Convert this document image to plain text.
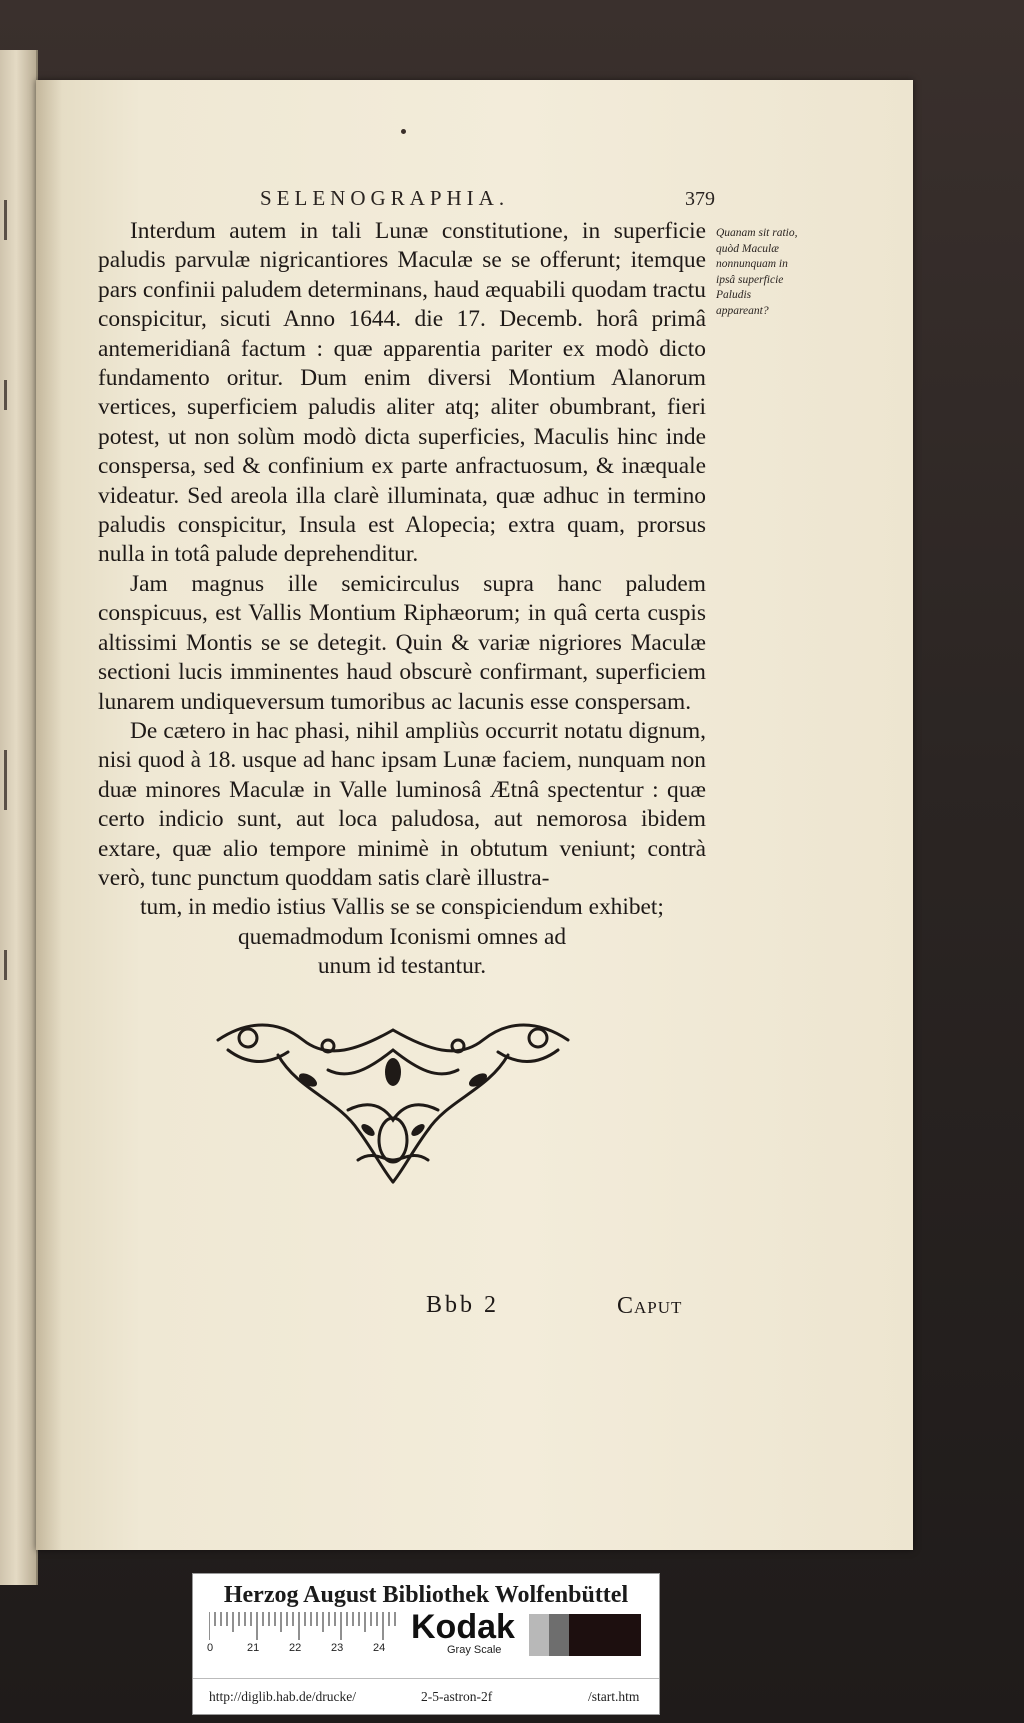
SELENOGRAPHIA.	379
Quanam sit ratio, quòd Maculæ nonnunquam in ipsâ superficie Paludis appareant?

Interdum autem in tali Lunæ constitutione, in superficie paludis parvulæ nigricantiores Maculæ se se offerunt; itemque pars confinii paludem determinans, haud æquabili quodam tractu conspicitur, sicuti Anno 1644. die 17. Decemb. horâ primâ antemeridianâ factum : quæ apparentia pariter ex modò dicto fundamento oritur. Dum enim diversi Montium Alanorum vertices, superficiem paludis aliter atq; aliter obumbrant, fieri potest, ut non solùm modò dicta superficies, Maculis hinc inde conspersa, sed & confinium ex parte anfractuosum, & inæquale videatur. Sed areola illa clarè illuminata, quæ adhuc in termino paludis conspicitur, Insula est Alopecia; extra quam, prorsus nulla in totâ palude deprehenditur.

Jam magnus ille semicirculus supra hanc paludem conspicuus, est Vallis Montium Riphæorum; in quâ certa cuspis altissimi Montis se se detegit. Quin & variæ nigriores Maculæ sectioni lucis imminentes haud obscurè confirmant, superficiem lunarem undiqueversum tumoribus ac lacunis esse conspersam.

De cætero in hac phasi, nihil ampliùs occurrit notatu dignum, nisi quod à 18. usque ad hanc ipsam Lunæ faciem, nunquam non duæ minores Maculæ in Valle luminosâ Ætnâ spectentur : quæ certo indicio sunt, aut loca paludosa, aut nemorosa ibidem extare, quæ alio tempore minimè in obtutum veniunt; contrà verò, tunc punctum quoddam satis clarè illustra-

tum, in medio istius Vallis se se conspiciendum exhibet;

quemadmodum Iconismi omnes ad

unum id testantur.

Bbb 2	Caput
Herzog August Bibliothek Wolfenbüttel
0	21	22	23	24
Kodak
Gray Scale
http://diglib.hab.de/drucke/	2-5-astron-2f	/start.htm
